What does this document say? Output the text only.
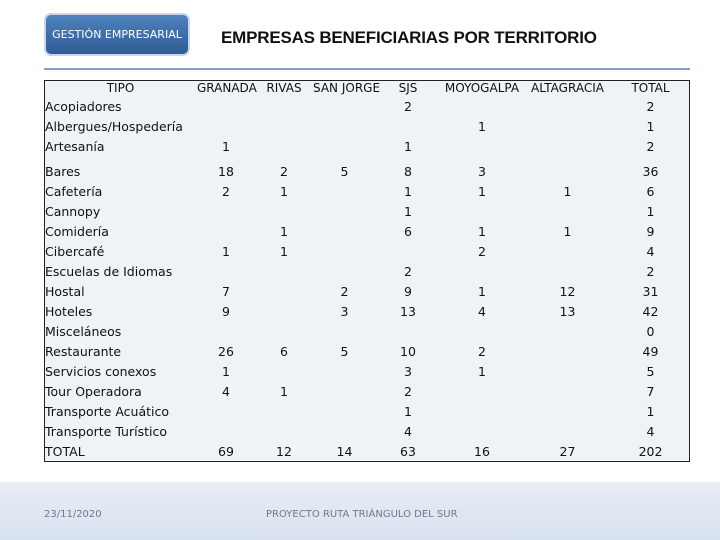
GESTIÓN EMPRESARIAL	EMPRESAS BENEFICIARIAS POR TERRITORIO
TIPO	GRANADA	RIVAS	SAN JORGE	SJS	MOYOGALPA	ALTAGRACIA	TOTAL
Acopiadores				2			2
Albergues/Hospedería					1		1
Artesanía	1			1			2

Bares	18	2	5	8	3		36
Cafetería	2	1		1	1	1	6
Cannopy				1			1
Comidería		1		6	1	1	9
Cibercafé	1	1			2		4
Escuelas de Idiomas				2			2
Hostal	7		2	9	1	12	31
Hoteles	9		3	13	4	13	42
Misceláneos							0
Restaurante	26	6	5	10	2		49
Servicios conexos	1			3	1		5
Tour Operadora	4	1		2			7
Transporte Acuático				1			1
Transporte Turístico				4			4
TOTAL	69	12	14	63	16	27	202
23/11/2020	PROYECTO RUTA TRIÁNGULO DEL SUR
